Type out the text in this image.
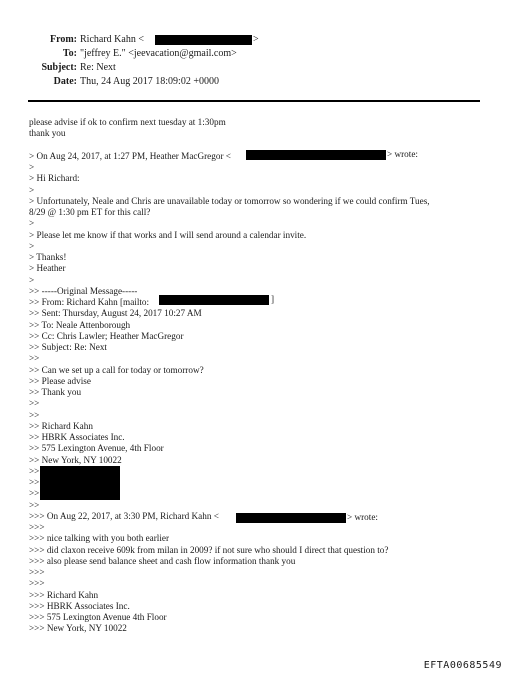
From: Richard Kahn <	>
To: "jeffrey E." <jeevacation@gmail.com>
Subject: Re: Next
Date: Thu, 24 Aug 2017 18:09:02 +0000
please advise if ok to confirm next tuesday at 1:30pm
thank you
> On Aug 24, 2017, at 1:27 PM, Heather MacGregor <
>
> Hi Richard:
>
> Unfortunately, Neale and Chris are unavailable today or tomorrow so wondering if we could confirm Tues,
8/29 @ 1:30 pm ET for this call?
>
> Please let me know if that works and I will send around a calendar invite.
>
> Thanks!
> Heather
>
>> -----Original Message-----
>> From: Richard Kahn [mailto:
>> Sent: Thursday, August 24, 2017 10:27 AM
>> To: Neale Attenborough
>> Cc: Chris Lawler; Heather MacGregor
>> Subject: Re: Next
>>
>> Can we set up a call for today or tomorrow?
>> Please advise
>> Thank you
>>
>>
>> Richard Kahn
>> HBRK Associates Inc.
>> 575 Lexington Avenue, 4th Floor
>> New York, NY 10022
>>
>>
>>
>>
>>> On Aug 22, 2017, at 3:30 PM, Richard Kahn <
>>>
>>> nice talking with you both earlier
>>> did claxon receive 609k from milan in 2009? if not sure who should I direct that question to?
>>> also please send balance sheet and cash flow information thank you
>>>
>>>
>>> Richard Kahn
>>> HBRK Associates Inc.
>>> 575 Lexington Avenue 4th Floor
>>> New York, NY 10022
> wrote:
]
> wrote:
EFTA00685549
